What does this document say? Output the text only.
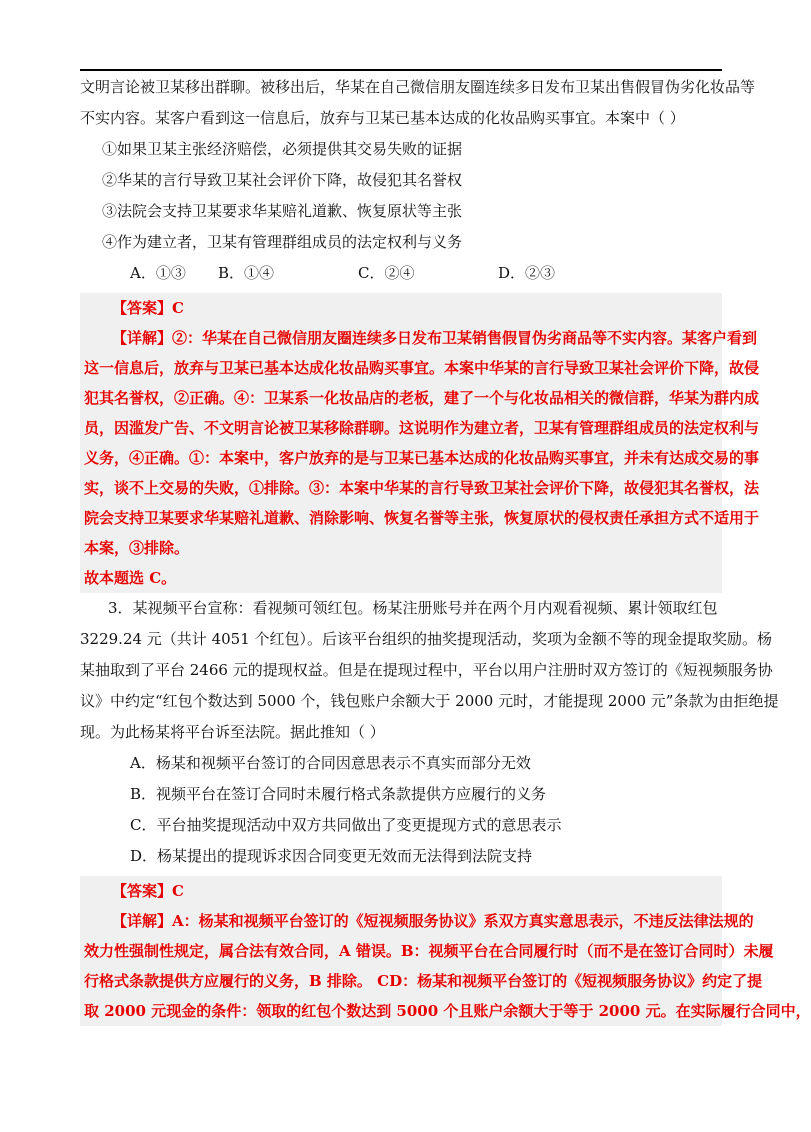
文明言论被卫某移出群聊。被移出后，华某在自己微信朋友圈连续多日发布卫某出售假冒伪劣化妆品等
不实内容。某客户看到这一信息后，放弃与卫某已基本达成的化妆品购买事宜。本案中（ ）
①如果卫某主张经济赔偿，必须提供其交易失败的证据
②华某的言行导致卫某社会评价下降，故侵犯其名誉权
③法院会支持卫某要求华某赔礼道歉、恢复原状等主张
④作为建立者，卫某有管理群组成员的法定权利与义务
A．①③	B．①④	C．②④	D．②③
【答案】C
【详解】②：华某在自己微信朋友圈连续多日发布卫某销售假冒伪劣商品等不实内容。某客户看到
这一信息后，放弃与卫某已基本达成化妆品购买事宜。本案中华某的言行导致卫某社会评价下降，故侵
犯其名誉权，②正确。④：卫某系一化妆品店的老板，建了一个与化妆品相关的微信群，华某为群内成
员，因滥发广告、不文明言论被卫某移除群聊。这说明作为建立者，卫某有管理群组成员的法定权利与
义务，④正确。①：本案中，客户放弃的是与卫某已基本达成的化妆品购买事宜，并未有达成交易的事
实，谈不上交易的失败，①排除。③：本案中华某的言行导致卫某社会评价下降，故侵犯其名誉权，法
院会支持卫某要求华某赔礼道歉、消除影响、恢复名誉等主张，恢复原状的侵权责任承担方式不适用于
本案，③排除。
故本题选 C。
3．某视频平台宣称：看视频可领红包。杨某注册账号并在两个月内观看视频、累计领取红包
3229.24 元（共计 4051 个红包）。后该平台组织的抽奖提现活动，奖项为金额不等的现金提取奖励。杨
某抽取到了平台 2466 元的提现权益。但是在提现过程中，平台以用户注册时双方签订的《短视频服务协
议》中约定“红包个数达到 5000 个，钱包账户余额大于 2000 元时，才能提现 2000 元”条款为由拒绝提
现。为此杨某将平台诉至法院。据此推知（ ）
A．杨某和视频平台签订的合同因意思表示不真实而部分无效
B．视频平台在签订合同时未履行格式条款提供方应履行的义务
C．平台抽奖提现活动中双方共同做出了变更提现方式的意思表示
D．杨某提出的提现诉求因合同变更无效而无法得到法院支持
【答案】C
【详解】A：杨某和视频平台签订的《短视频服务协议》系双方真实意思表示，不违反法律法规的
效力性强制性规定，属合法有效合同，A 错误。B：视频平台在合同履行时（而不是在签订合同时）未履
行格式条款提供方应履行的义务，B 排除。 CD：杨某和视频平台签订的《短视频服务协议》约定了提
取 2000 元现金的条件：领取的红包个数达到 5000 个且账户余额大于等于 2000 元。在实际履行合同中，
